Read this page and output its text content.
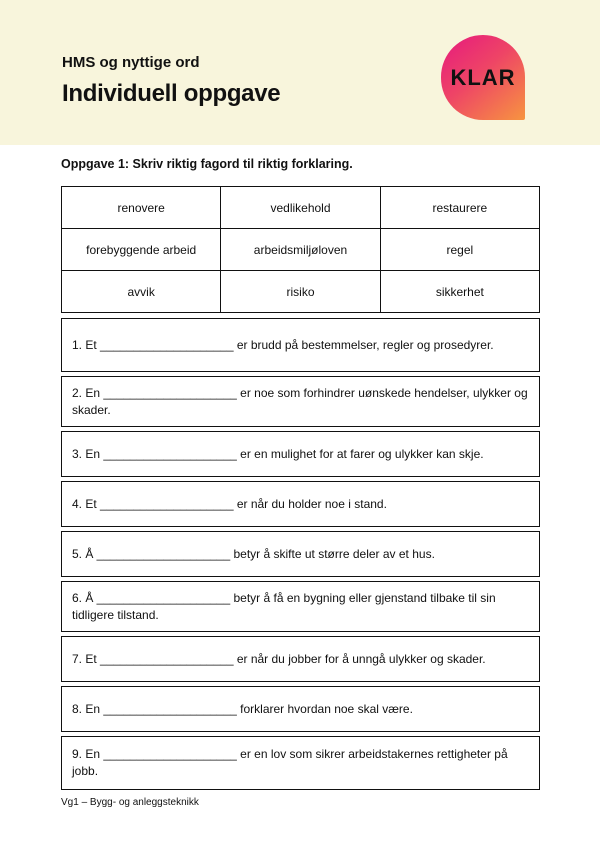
HMS og nyttige ord
Individuell oppgave
KLAR
Oppgave 1: Skriv riktig fagord til riktig forklaring.
renovere	vedlikehold	restaurere
forebyggende arbeid	arbeidsmiljøloven	regel
avvik	risiko	sikkerhet
1. Et ____________________ er brudd på bestemmelser, regler og prosedyrer.
2. En ____________________ er noe som forhindrer uønskede hendelser, ulykker og skader.
3. En ____________________ er en mulighet for at farer og ulykker kan skje.
4. Et ____________________ er når du holder noe i stand.
5. Å ____________________ betyr å skifte ut større deler av et hus.
6. Å ____________________ betyr å få en bygning eller gjenstand tilbake til sin tidligere tilstand.
7. Et ____________________ er når du jobber for å unngå ulykker og skader.
8. En ____________________ forklarer hvordan noe skal være.
9. En ____________________ er en lov som sikrer arbeidstakernes rettigheter på jobb.
Vg1 – Bygg- og anleggsteknikk
